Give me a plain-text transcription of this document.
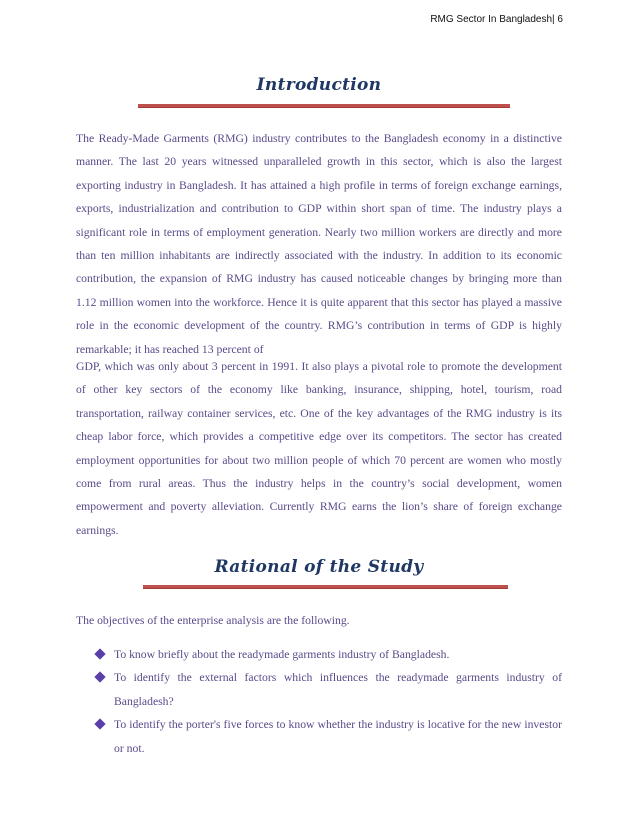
RMG Sector In Bangladesh| 6
Introduction
The Ready-Made Garments (RMG) industry contributes to the Bangladesh economy in a distinctive manner. The last 20 years witnessed unparalleled growth in this sector, which is also the largest exporting industry in Bangladesh. It has attained a high profile in terms of foreign exchange earnings, exports, industrialization and contribution to GDP within short span of time. The industry plays a significant role in terms of employment generation. Nearly two million workers are directly and more than ten million inhabitants are indirectly associated with the industry. In addition to its economic contribution, the expansion of RMG industry has caused noticeable changes by bringing more than 1.12 million women into the workforce. Hence it is quite apparent that this sector has played a massive role in the economic development of the country. RMG’s contribution in terms of GDP is highly remarkable; it has reached 13 percent of
GDP, which was only about 3 percent in 1991. It also plays a pivotal role to promote the development of other key sectors of the economy like banking, insurance, shipping, hotel, tourism, road transportation, railway container services, etc. One of the key advantages of the RMG industry is its cheap labor force, which provides a competitive edge over its competitors. The sector has created employment opportunities for about two million people of which 70 percent are women who mostly come from rural areas. Thus the industry helps in the country’s social development, women empowerment and poverty alleviation. Currently RMG earns the lion’s share of foreign exchange earnings.
Rational of the Study
The objectives of the enterprise analysis are the following.
To know briefly about the readymade garments industry of Bangladesh.
To identify the external factors which influences the readymade garments industry of Bangladesh?
To identify the porter's five forces to know whether the industry is locative for the new investor or not.
